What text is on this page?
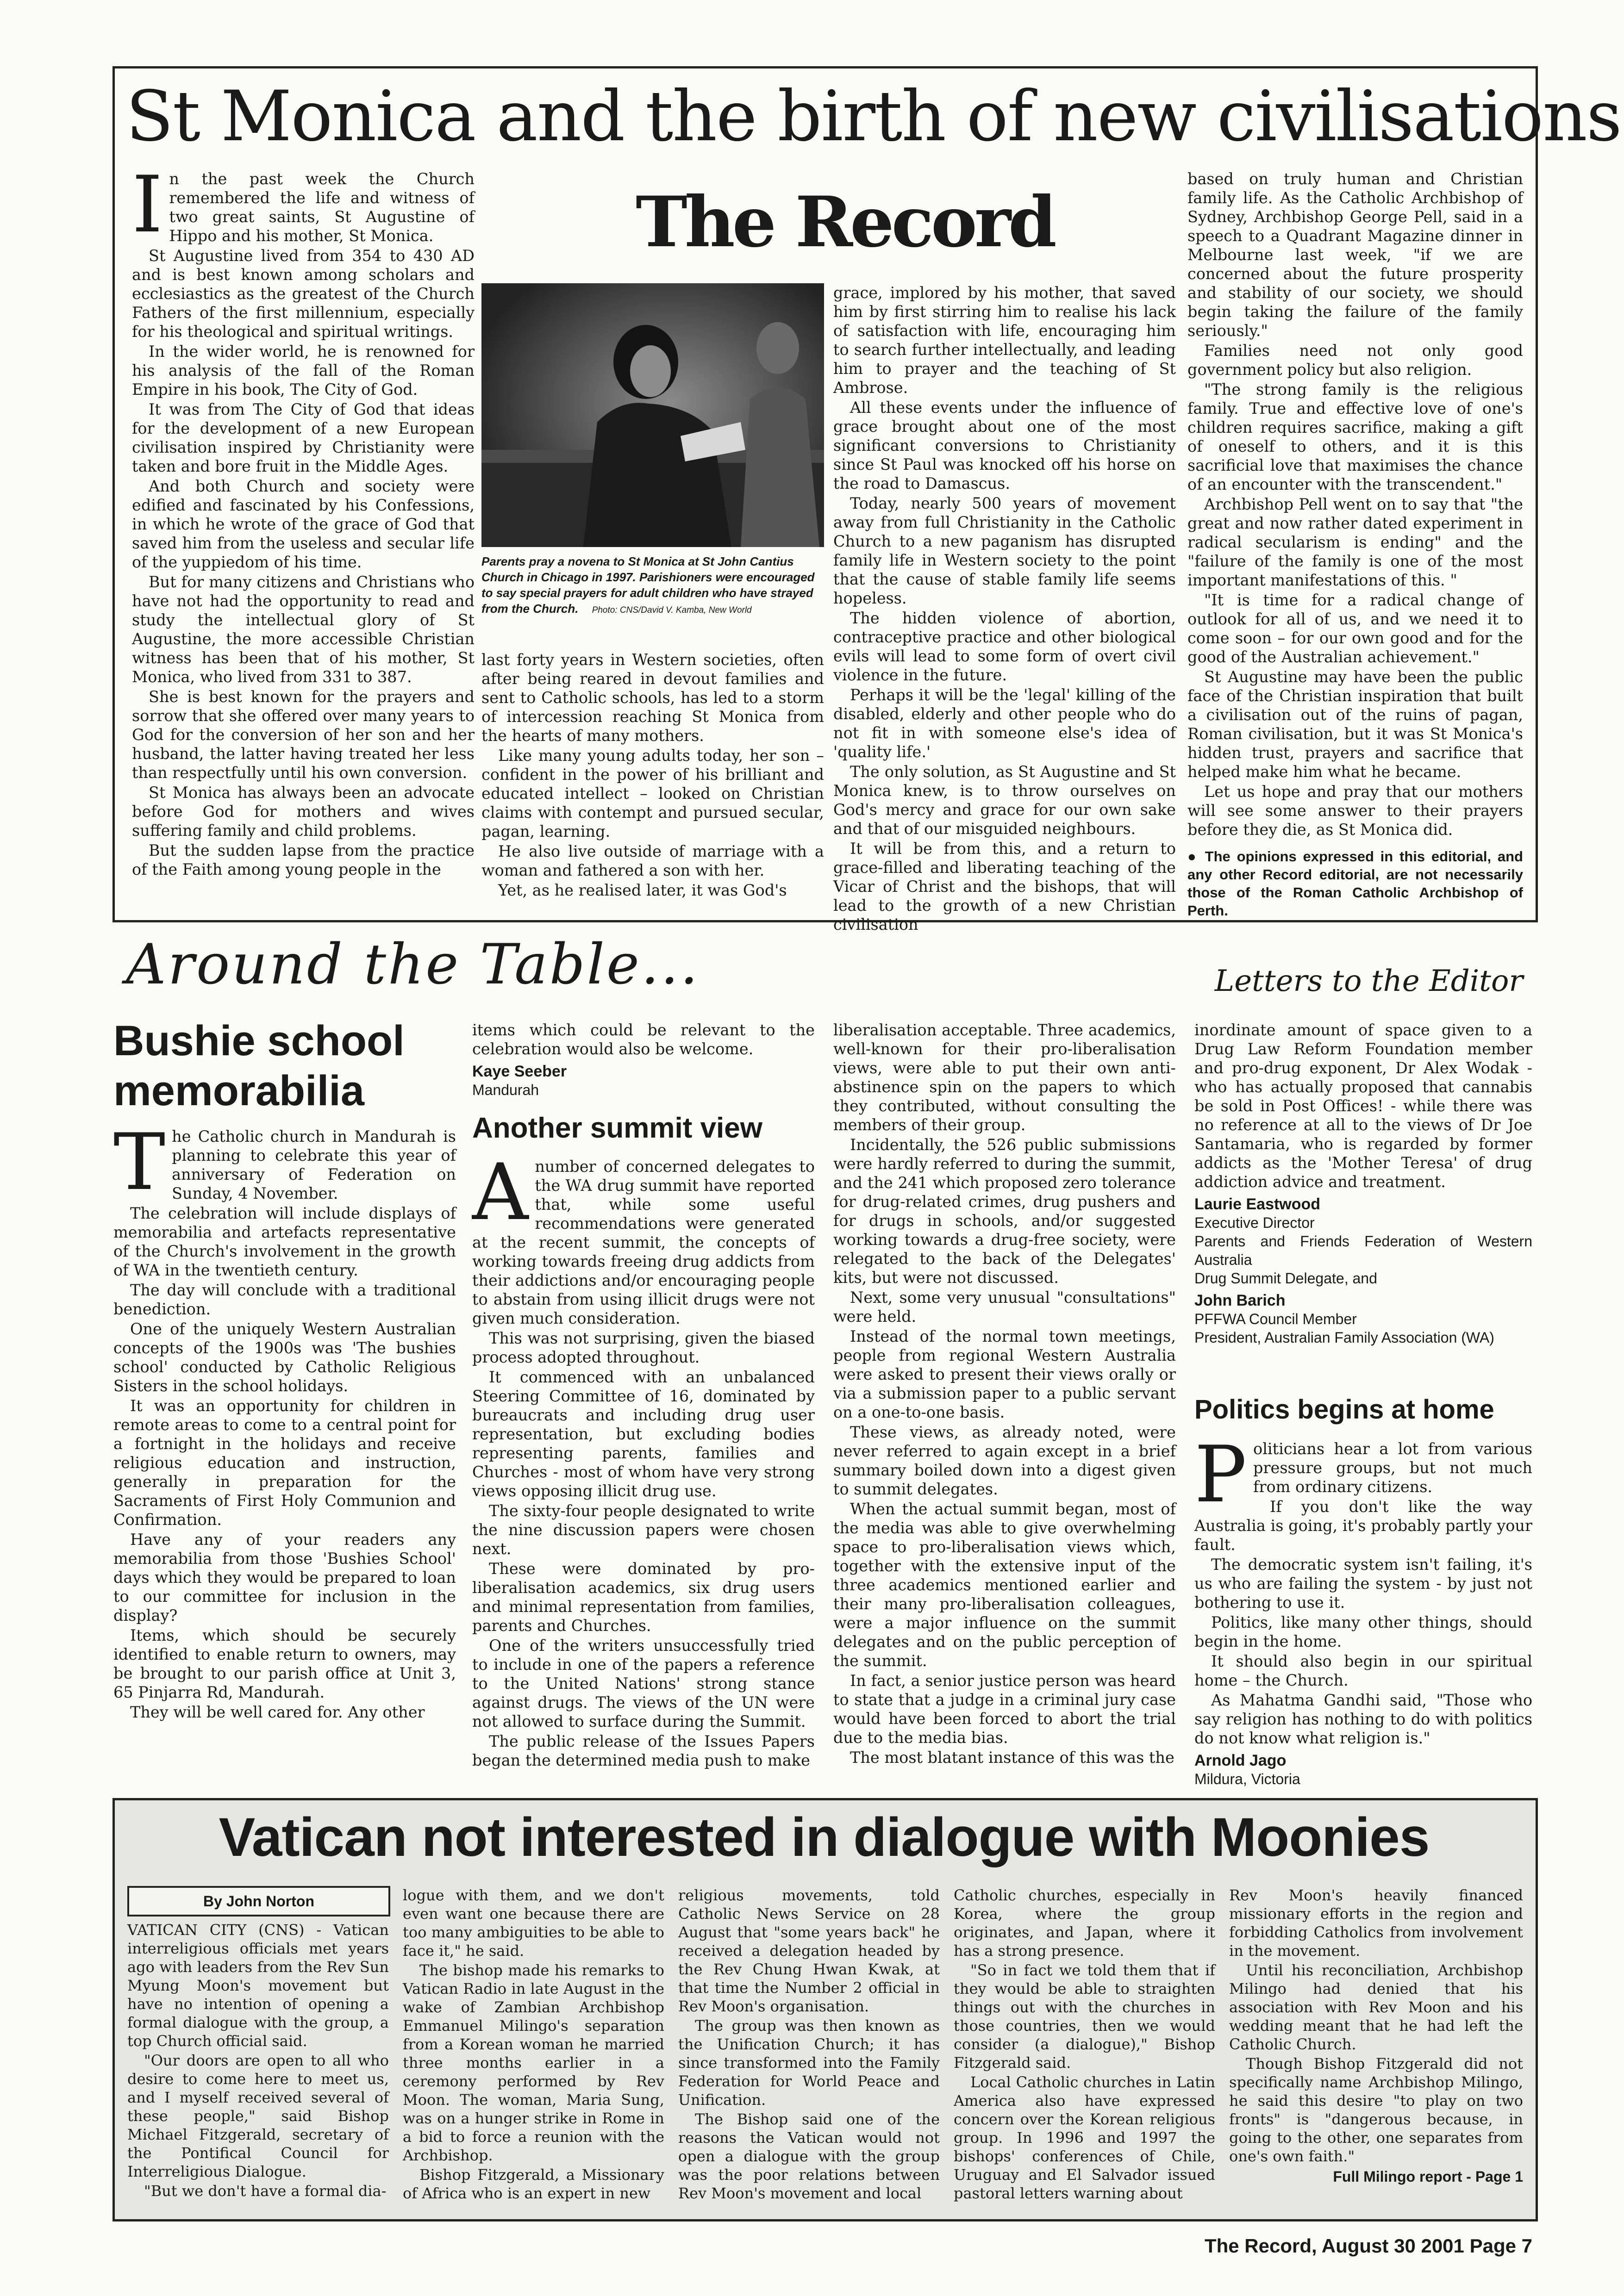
St Monica and the birth of new civilisations
The Record

In the past week the Church remembered the life and witness of two great saints, St Augustine of Hippo and his mother, St Monica.

St Augustine lived from 354 to 430 AD and is best known among scholars and ecclesiastics as the greatest of the Church Fathers of the first millennium, especially for his theological and spiritual writings.

In the wider world, he is renowned for his analysis of the fall of the Roman Empire in his book, The City of God.

It was from The City of God that ideas for the development of a new European civilisation inspired by Christianity were taken and bore fruit in the Middle Ages.

And both Church and society were edified and fascinated by his Confessions, in which he wrote of the grace of God that saved him from the useless and secular life of the yuppiedom of his time.

But for many citizens and Christians who have not had the opportunity to read and study the intellectual glory of St Augustine, the more accessible Christian witness has been that of his mother, St Monica, who lived from 331 to 387.

She is best known for the prayers and sorrow that she offered over many years to God for the conversion of her son and her husband, the latter having treated her less than respectfully until his own conversion.

St Monica has always been an advocate before God for mothers and wives suffering family and child problems.

But the sudden lapse from the practice of the Faith among young people in the

Parents pray a novena to St Monica at St John Cantius Church in Chicago in 1997. Parishioners were encouraged to say special prayers for adult children who have strayed from the Church. Photo: CNS/David V. Kamba, New World

last forty years in Western societies, often after being reared in devout families and sent to Catholic schools, has led to a storm of intercession reaching St Monica from the hearts of many mothers.

Like many young adults today, her son – confident in the power of his brilliant and educated intellect – looked on Christian claims with contempt and pursued secular, pagan, learning.

He also live outside of marriage with a woman and fathered a son with her.

Yet, as he realised later, it was God's

grace, implored by his mother, that saved him by first stirring him to realise his lack of satisfaction with life, encouraging him to search further intellectually, and leading him to prayer and the teaching of St Ambrose.

All these events under the influence of grace brought about one of the most significant conversions to Christianity since St Paul was knocked off his horse on the road to Damascus.

Today, nearly 500 years of movement away from full Christianity in the Catholic Church to a new paganism has disrupted family life in Western society to the point that the cause of stable family life seems hopeless.

The hidden violence of abortion, contraceptive practice and other biological evils will lead to some form of overt civil violence in the future.

Perhaps it will be the 'legal' killing of the disabled, elderly and other people who do not fit in with someone else's idea of 'quality life.'

The only solution, as St Augustine and St Monica knew, is to throw ourselves on God's mercy and grace for our own sake and that of our misguided neighbours.

It will be from this, and a return to grace-filled and liberating teaching of the Vicar of Christ and the bishops, that will lead to the growth of a new Christian civilisation

based on truly human and Christian family life. As the Catholic Archbishop of Sydney, Archbishop George Pell, said in a speech to a Quadrant Magazine dinner in Melbourne last week, "if we are concerned about the future prosperity and stability of our society, we should begin taking the failure of the family seriously."

Families need not only good government policy but also religion.

"The strong family is the religious family. True and effective love of one's children requires sacrifice, making a gift of oneself to others, and it is this sacrificial love that maximises the chance of an encounter with the transcendent."

Archbishop Pell went on to say that "the great and now rather dated experiment in radical secularism is ending" and the "failure of the family is one of the most important manifestations of this. "

"It is time for a radical change of outlook for all of us, and we need it to come soon – for our own good and for the good of the Australian achievement."

St Augustine may have been the public face of the Christian inspiration that built a civilisation out of the ruins of pagan, Roman civilisation, but it was St Monica's hidden trust, prayers and sacrifice that helped make him what he became.

Let us hope and pray that our mothers will see some answer to their prayers before they die, as St Monica did.

● The opinions expressed in this editorial, and any other Record editorial, are not necessarily those of the Roman Catholic Archbishop of Perth.

Around the Table...	Letters to the Editor
Bushie school memorabilia

The Catholic church in Mandurah is planning to celebrate this year of anniversary of Federation on Sunday, 4 November.

The celebration will include displays of memorabilia and artefacts representative of the Church's involvement in the growth of WA in the twentieth century.

The day will conclude with a traditional benediction.

One of the uniquely Western Australian concepts of the 1900s was 'The bushies school' conducted by Catholic Religious Sisters in the school holidays.

It was an opportunity for children in remote areas to come to a central point for a fortnight in the holidays and receive religious education and instruction, generally in preparation for the Sacraments of First Holy Communion and Confirmation.

Have any of your readers any memorabilia from those 'Bushies School' days which they would be prepared to loan to our committee for inclusion in the display?

Items, which should be securely identified to enable return to owners, may be brought to our parish office at Unit 3, 65 Pinjarra Rd, Mandurah.

They will be well cared for. Any other

items which could be relevant to the celebration would also be welcome.

Kaye Seeber
Mandurah
Another summit view

A number of concerned delegates to the WA drug summit have reported that, while some useful recommendations were generated at the recent summit, the concepts of working towards freeing drug addicts from their addictions and/or encouraging people to abstain from using illicit drugs were not given much consideration.

This was not surprising, given the biased process adopted throughout.

It commenced with an unbalanced Steering Committee of 16, dominated by bureaucrats and including drug user representation, but excluding bodies representing parents, families and Churches - most of whom have very strong views opposing illicit drug use.

The sixty-four people designated to write the nine discussion papers were chosen next.

These were dominated by pro-liberalisation academics, six drug users and minimal representation from families, parents and Churches.

One of the writers unsuccessfully tried to include in one of the papers a reference to the United Nations' strong stance against drugs. The views of the UN were not allowed to surface during the Summit.

The public release of the Issues Papers began the determined media push to make

liberalisation acceptable. Three academics, well-known for their pro-liberalisation views, were able to put their own anti-abstinence spin on the papers to which they contributed, without consulting the members of their group.

Incidentally, the 526 public submissions were hardly referred to during the summit, and the 241 which proposed zero tolerance for drug-related crimes, drug pushers and for drugs in schools, and/or suggested working towards a drug-free society, were relegated to the back of the Delegates' kits, but were not discussed.

Next, some very unusual "consultations" were held.

Instead of the normal town meetings, people from regional Western Australia were asked to present their views orally or via a submission paper to a public servant on a one-to-one basis.

These views, as already noted, were never referred to again except in a brief summary boiled down into a digest given to summit delegates.

When the actual summit began, most of the media was able to give overwhelming space to pro-liberalisation views which, together with the extensive input of the three academics mentioned earlier and their many pro-liberalisation colleagues, were a major influence on the summit delegates and on the public perception of the summit.

In fact, a senior justice person was heard to state that a judge in a criminal jury case would have been forced to abort the trial due to the media bias.

The most blatant instance of this was the

inordinate amount of space given to a Drug Law Reform Foundation member and pro-drug exponent, Dr Alex Wodak - who has actually proposed that cannabis be sold in Post Offices! - while there was no reference at all to the views of Dr Joe Santamaria, who is regarded by former addicts as the 'Mother Teresa' of drug addiction advice and treatment.

Laurie Eastwood
Executive Director
Parents and Friends Federation of Western Australia
Drug Summit Delegate, and
John Barich
PFFWA Council Member
President, Australian Family Association (WA)
Politics begins at home

Politicians hear a lot from various pressure groups, but not much from ordinary citizens.

If you don't like the way Australia is going, it's probably partly your fault.

The democratic system isn't failing, it's us who are failing the system - by just not bothering to use it.

Politics, like many other things, should begin in the home.

It should also begin in our spiritual home – the Church.

As Mahatma Gandhi said, "Those who say religion has nothing to do with politics do not know what religion is."

Arnold Jago
Mildura, Victoria
Vatican not interested in dialogue with Moonies
By John Norton

VATICAN CITY (CNS) - Vatican interreligious officials met years ago with leaders from the Rev Sun Myung Moon's movement but have no intention of opening a formal dialogue with the group, a top Church official said.

"Our doors are open to all who desire to come here to meet us, and I myself received several of these people," said Bishop Michael Fitzgerald, secretary of the Pontifical Council for Interreligious Dialogue.

"But we don't have a formal dia-

logue with them, and we don't even want one because there are too many ambiguities to be able to face it," he said.

The bishop made his remarks to Vatican Radio in late August in the wake of Zambian Archbishop Emmanuel Milingo's separation from a Korean woman he married three months earlier in a ceremony performed by Rev Moon. The woman, Maria Sung, was on a hunger strike in Rome in a bid to force a reunion with the Archbishop.

Bishop Fitzgerald, a Missionary of Africa who is an expert in new

religious movements, told Catholic News Service on 28 August that "some years back" he received a delegation headed by the Rev Chung Hwan Kwak, at that time the Number 2 official in Rev Moon's organisation.

The group was then known as the Unification Church; it has since transformed into the Family Federation for World Peace and Unification.

The Bishop said one of the reasons the Vatican would not open a dialogue with the group was the poor relations between Rev Moon's movement and local

Catholic churches, especially in Korea, where the group originates, and Japan, where it has a strong presence.

"So in fact we told them that if they would be able to straighten things out with the churches in those countries, then we would consider (a dialogue)," Bishop Fitzgerald said.

Local Catholic churches in Latin America also have expressed concern over the Korean religious group. In 1996 and 1997 the bishops' conferences of Chile, Uruguay and El Salvador issued pastoral letters warning about

Rev Moon's heavily financed missionary efforts in the region and forbidding Catholics from involvement in the movement.

Until his reconciliation, Archbishop Milingo had denied that his association with Rev Moon and his wedding meant that he had left the Catholic Church.

Though Bishop Fitzgerald did not specifically name Archbishop Milingo, he said this desire "to play on two fronts" is "dangerous because, in going to the other, one separates from one's own faith."

Full Milingo report - Page 1

The Record, August 30 2001 Page 7
